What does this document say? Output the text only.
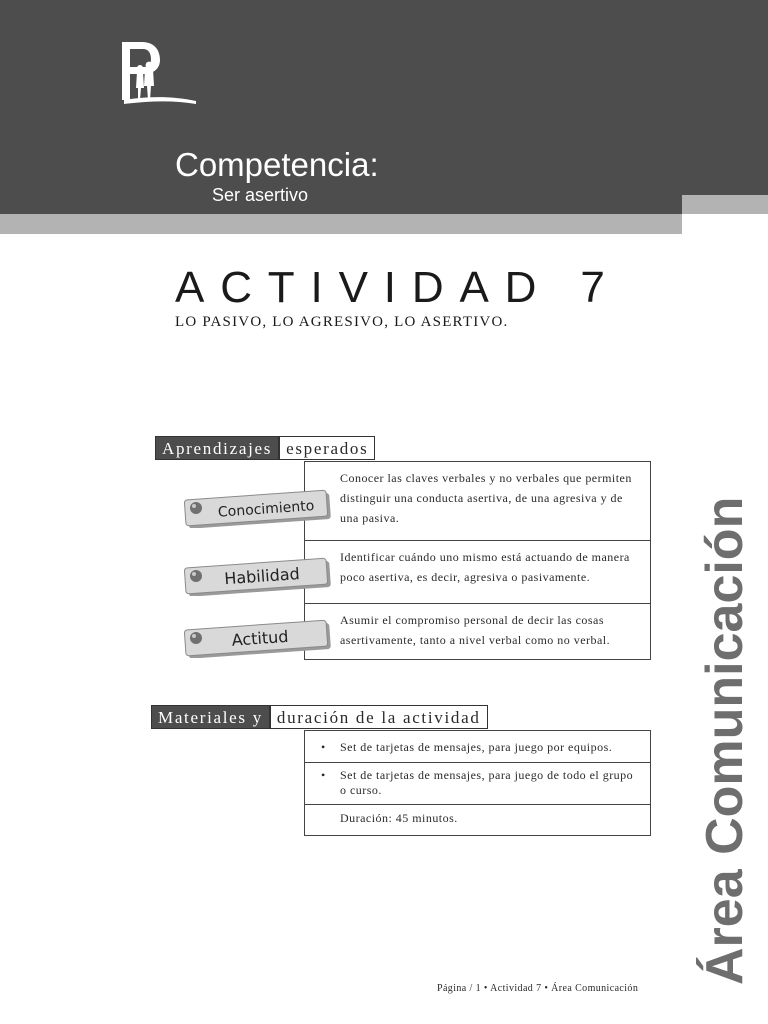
Competencia:
Ser asertivo
ACTIVIDAD 7
LO PASIVO, LO AGRESIVO, LO ASERTIVO.
Aprendizajes esperados
Conocer las claves verbales y no verbales que permiten distinguir una conducta asertiva, de una agresiva y de una pasiva.
Identificar cuándo uno mismo está actuando de manera poco asertiva, es decir, agresiva o pasivamente.
Asumir el compromiso personal de decir las cosas asertivamente, tanto a nivel verbal como no verbal.
Conocimiento
Habilidad
Actitud
Materiales y duración de la actividad
• Set de tarjetas de mensajes, para juego por equipos.
• Set de tarjetas de mensajes, para juego de todo el grupo o curso.
Duración: 45 minutos.	Área Comunicación
Página / 1 • Actividad 7 • Área Comunicación
